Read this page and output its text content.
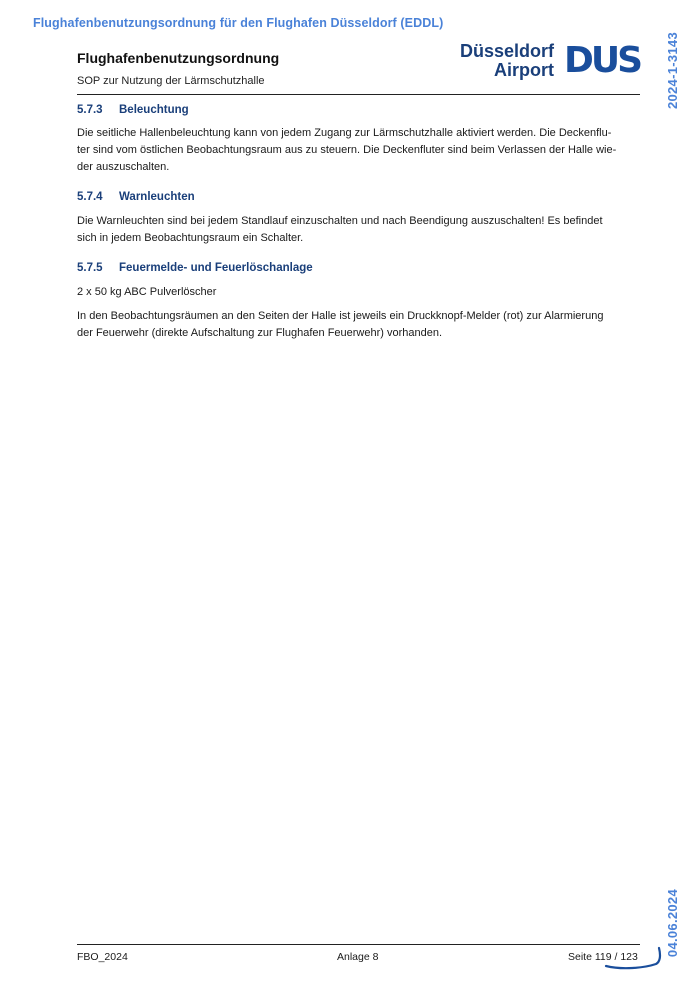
Flughafenbenutzungsordnung für den Flughafen Düsseldorf (EDDL)
2024-1-3143
04.06.2024
Flughafenbenutzungsordnung
SOP zur Nutzung der Lärmschutzhalle
Düsseldorf
Airport DUS
5.7.3 Beleuchtung
Die seitliche Hallenbeleuchtung kann von jedem Zugang zur Lärmschutzhalle aktiviert werden. Die Deckenflu-
ter sind vom östlichen Beobachtungsraum aus zu steuern. Die Deckenfluter sind beim Verlassen der Halle wie-
der auszuschalten.
5.7.4 Warnleuchten
Die Warnleuchten sind bei jedem Standlauf einzuschalten und nach Beendigung auszuschalten! Es befindet
sich in jedem Beobachtungsraum ein Schalter.
5.7.5 Feuermelde- und Feuerlöschanlage
2 x 50 kg ABC Pulverlöscher
In den Beobachtungsräumen an den Seiten der Halle ist jeweils ein Druckknopf-Melder (rot) zur Alarmierung
der Feuerwehr (direkte Aufschaltung zur Flughafen Feuerwehr) vorhanden.
FBO_2024	Anlage 8	Seite 119 / 123
